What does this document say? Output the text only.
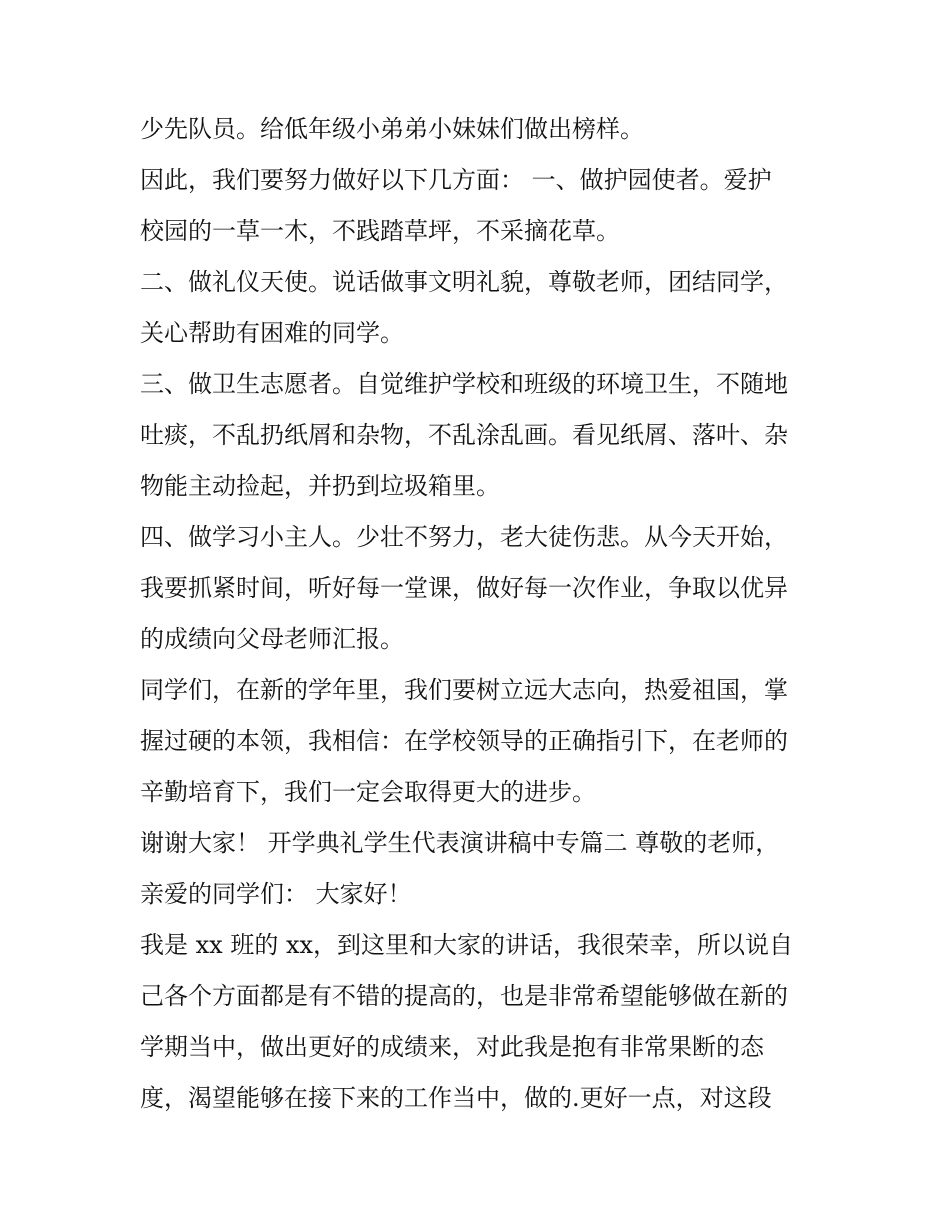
少先队员。给低年级小弟弟小妹妹们做出榜样。
因此，我们要努力做好以下几方面： 一、做护园使者。爱护
校园的一草一木，不践踏草坪，不采摘花草。
二、做礼仪天使。说话做事文明礼貌，尊敬老师，团结同学，
关心帮助有困难的同学。
三、做卫生志愿者。自觉维护学校和班级的环境卫生，不随地
吐痰，不乱扔纸屑和杂物，不乱涂乱画。看见纸屑、落叶、杂
物能主动捡起，并扔到垃圾箱里。
四、做学习小主人。少壮不努力，老大徒伤悲。从今天开始，
我要抓紧时间，听好每一堂课，做好每一次作业，争取以优异
的成绩向父母老师汇报。
同学们，在新的学年里，我们要树立远大志向，热爱祖国，掌
握过硬的本领，我相信：在学校领导的正确指引下，在老师的
辛勤培育下，我们一定会取得更大的进步。
谢谢大家！ 开学典礼学生代表演讲稿中专篇二 尊敬的老师，
亲爱的同学们： 大家好！
我是 xx 班的 xx，到这里和大家的讲话，我很荣幸，所以说自
己各个方面都是有不错的提高的，也是非常希望能够做在新的
学期当中，做出更好的成绩来，对此我是抱有非常果断的态
度，渴望能够在接下来的工作当中，做的.更好一点，对这段
